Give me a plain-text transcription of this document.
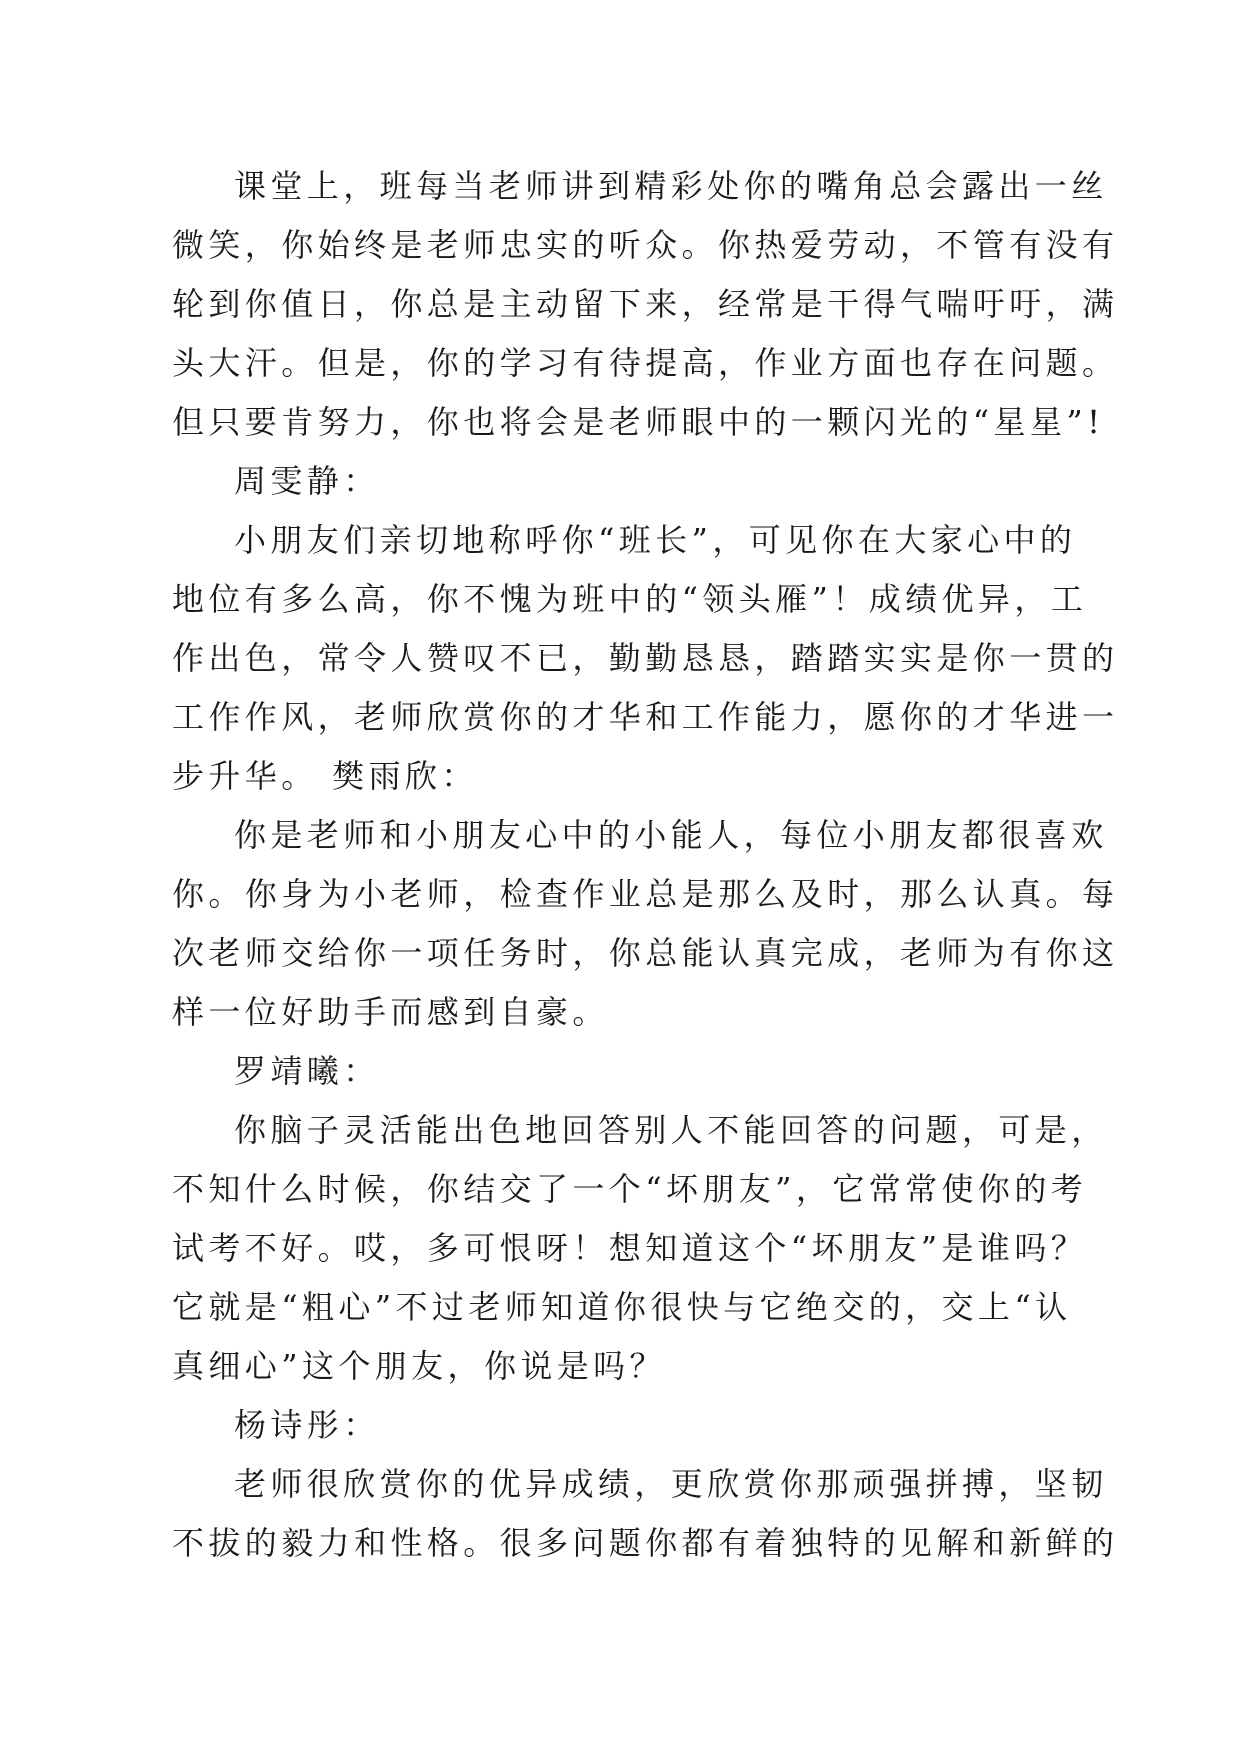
课堂上，班每当老师讲到精彩处你的嘴角总会露出一丝
微笑，你始终是老师忠实的听众。你热爱劳动，不管有没有
轮到你值日，你总是主动留下来，经常是干得气喘吁吁，满
头大汗。但是，你的学习有待提高，作业方面也存在问题。
但只要肯努力，你也将会是老师眼中的一颗闪光的“星星”!
周雯静：
小朋友们亲切地称呼你“班长”，可见你在大家心中的
地位有多么高，你不愧为班中的“领头雁”！成绩优异，工
作出色，常令人赞叹不已，勤勤恳恳，踏踏实实是你一贯的
工作作风，老师欣赏你的才华和工作能力，愿你的才华进一
步升华。 樊雨欣：
你是老师和小朋友心中的小能人，每位小朋友都很喜欢
你。你身为小老师，检查作业总是那么及时，那么认真。每
次老师交给你一项任务时，你总能认真完成，老师为有你这
样一位好助手而感到自豪。
罗靖曦：
你脑子灵活能出色地回答别人不能回答的问题，可是，
不知什么时候，你结交了一个“坏朋友”，它常常使你的考
试考不好。哎，多可恨呀！想知道这个“坏朋友”是谁吗？
它就是“粗心”不过老师知道你很快与它绝交的，交上“认
真细心”这个朋友，你说是吗？
杨诗彤：
老师很欣赏你的优异成绩，更欣赏你那顽强拼搏，坚韧
不拔的毅力和性格。很多问题你都有着独特的见解和新鲜的
